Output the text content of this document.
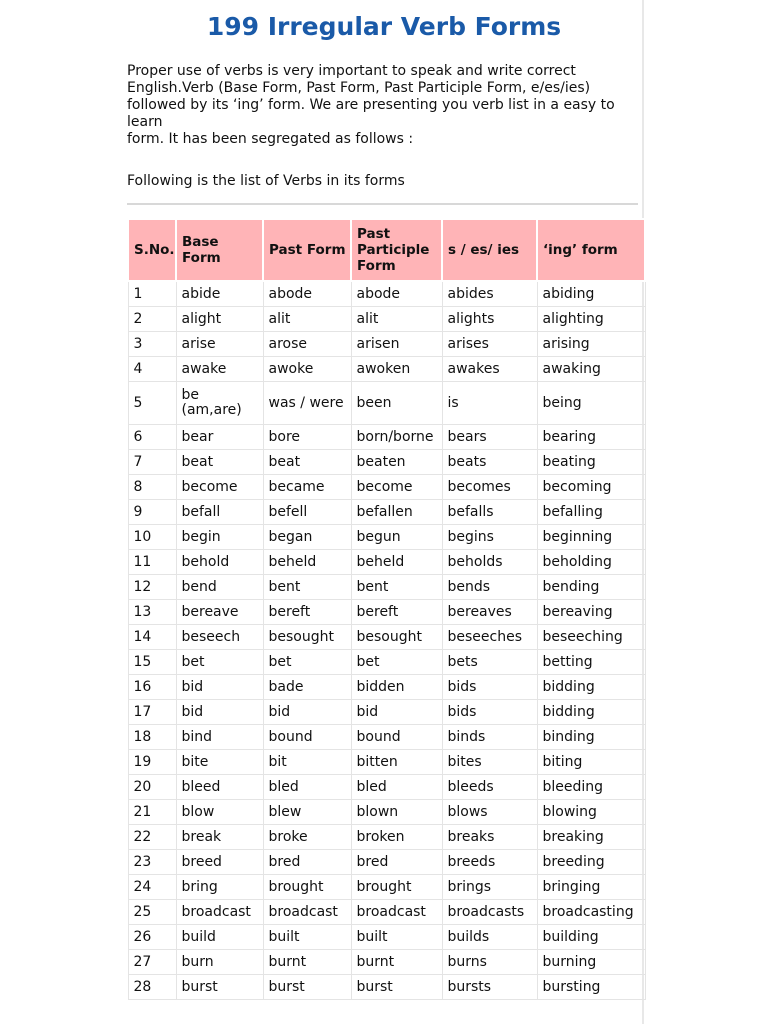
199 Irregular Verb Forms

Proper use of verbs is very important to speak and write correct
English.Verb (Base Form, Past Form, Past Participle Form, e/es/ies)
followed by its ‘ing’ form. We are presenting you verb list in a easy to learn
form. It has been segregated as follows :

Following is the list of Verbs in its forms

S.No.	Base Form	Past Form	Past Participle Form	s / es/ ies	‘ing’ form
1	abide	abode	abode	abides	abiding
2	alight	alit	alit	alights	alighting
3	arise	arose	arisen	arises	arising
4	awake	awoke	awoken	awakes	awaking
5	be (am,are)	was / were	been	is	being
6	bear	bore	born/borne	bears	bearing
7	beat	beat	beaten	beats	beating
8	become	became	become	becomes	becoming
9	befall	befell	befallen	befalls	befalling
10	begin	began	begun	begins	beginning
11	behold	beheld	beheld	beholds	beholding
12	bend	bent	bent	bends	bending
13	bereave	bereft	bereft	bereaves	bereaving
14	beseech	besought	besought	beseeches	beseeching
15	bet	bet	bet	bets	betting
16	bid	bade	bidden	bids	bidding
17	bid	bid	bid	bids	bidding
18	bind	bound	bound	binds	binding
19	bite	bit	bitten	bites	biting
20	bleed	bled	bled	bleeds	bleeding
21	blow	blew	blown	blows	blowing
22	break	broke	broken	breaks	breaking
23	breed	bred	bred	breeds	breeding
24	bring	brought	brought	brings	bringing
25	broadcast	broadcast	broadcast	broadcasts	broadcasting
26	build	built	built	builds	building
27	burn	burnt	burnt	burns	burning
28	burst	burst	burst	bursts	bursting
